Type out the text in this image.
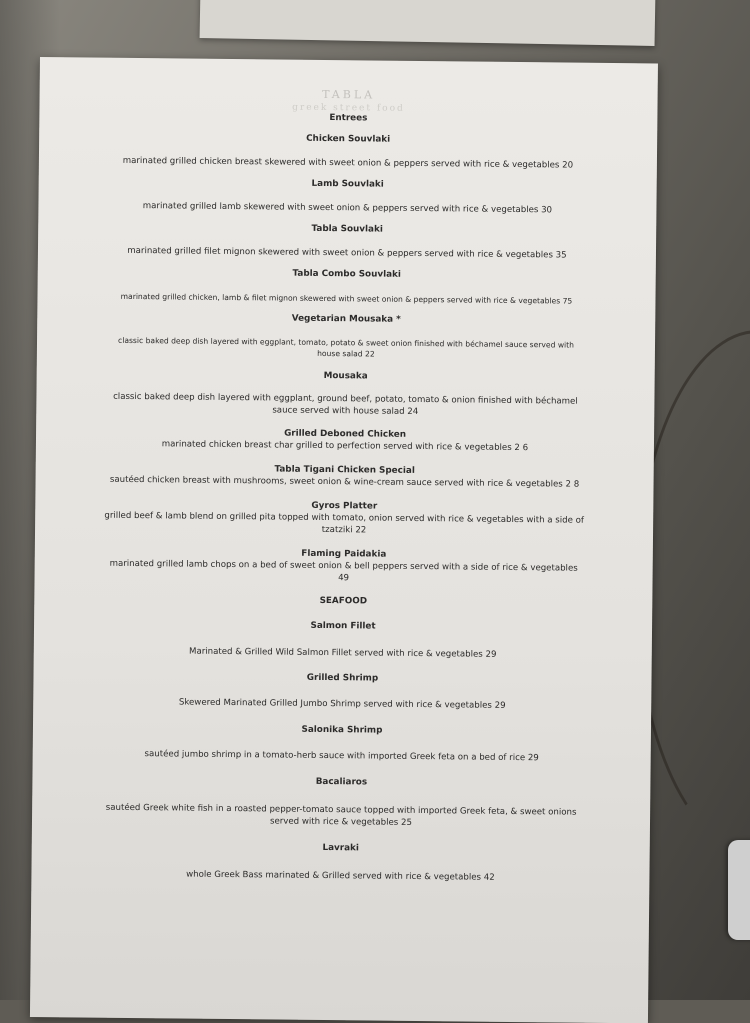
TABLA
greek street food

Entrees

Chicken Souvlaki

marinated grilled chicken breast skewered with sweet onion & peppers served with rice & vegetables 20

Lamb Souvlaki

marinated grilled lamb skewered with sweet onion & peppers served with rice & vegetables 30

Tabla Souvlaki

marinated grilled filet mignon skewered with sweet onion & peppers served with rice & vegetables 35

Tabla Combo Souvlaki

marinated grilled chicken, lamb & filet mignon skewered with sweet onion & peppers served with rice & vegetables 75

Vegetarian Mousaka *

classic baked deep dish layered with eggplant, tomato, potato & sweet onion finished with béchamel sauce served with

house salad 22

Mousaka

classic baked deep dish layered with eggplant, ground beef, potato, tomato & onion finished with béchamel

sauce served with house salad 24

Grilled Deboned Chicken

marinated chicken breast char grilled to perfection served with rice & vegetables 2 6

Tabla Tigani Chicken Special

sautéed chicken breast with mushrooms, sweet onion & wine-cream sauce served with rice & vegetables 2 8

Gyros Platter

grilled beef & lamb blend on grilled pita topped with tomato, onion served with rice & vegetables with a side of

tzatziki 22

Flaming Paidakia

marinated grilled lamb chops on a bed of sweet onion & bell peppers served with a side of rice & vegetables

49

SEAFOOD

Salmon Fillet

Marinated & Grilled Wild Salmon Fillet served with rice & vegetables 29

Grilled Shrimp

Skewered Marinated Grilled Jumbo Shrimp served with rice & vegetables 29

Salonika Shrimp

sautéed jumbo shrimp in a tomato-herb sauce with imported Greek feta on a bed of rice 29

Bacaliaros

sautéed Greek white fish in a roasted pepper-tomato sauce topped with imported Greek feta, & sweet onions

served with rice & vegetables 25

Lavraki

whole Greek Bass marinated & Grilled served with rice & vegetables 42
